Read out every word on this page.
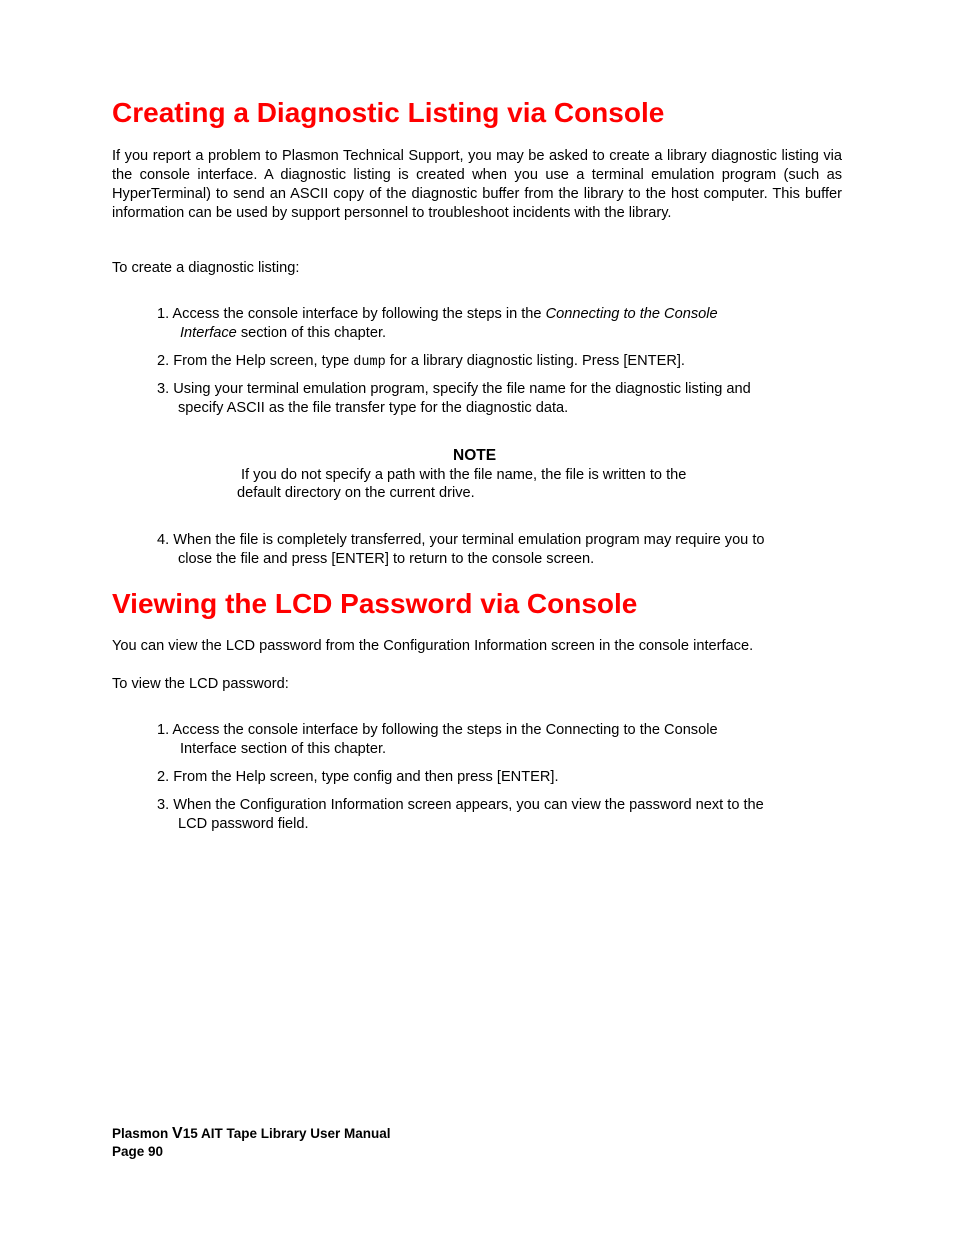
Creating a Diagnostic Listing via Console

If you report a problem to Plasmon Technical Support, you may be asked to create a library diagnostic listing via the console interface. A diagnostic listing is created when you use a terminal emulation program (such as HyperTerminal) to send an ASCII copy of the diagnostic buffer from the library to the host computer. This buffer information can be used by support personnel to troubleshoot incidents with the library.

To create a diagnostic listing:

1. Access the console interface by following the steps in the Connecting to the Console

Interface section of this chapter.

2. From the Help screen, type dump for a library diagnostic listing. Press [ENTER].

3. Using your terminal emulation program, specify the file name for the diagnostic listing and

specify ASCII as the file transfer type for the diagnostic data.

NOTE

If you do not specify a path with the file name, the file is written to the

default directory on the current drive.

4. When the file is completely transferred, your terminal emulation program may require you to

close the file and press [ENTER] to return to the console screen.

Viewing the LCD Password via Console

You can view the LCD password from the Configuration Information screen in the console interface.

To view the LCD password:

1. Access the console interface by following the steps in the Connecting to the Console

Interface section of this chapter.

2. From the Help screen, type config and then press [ENTER].

3. When the Configuration Information screen appears, you can view the password next to the

LCD password field.

Plasmon V15 AIT Tape Library User Manual
Page 90
